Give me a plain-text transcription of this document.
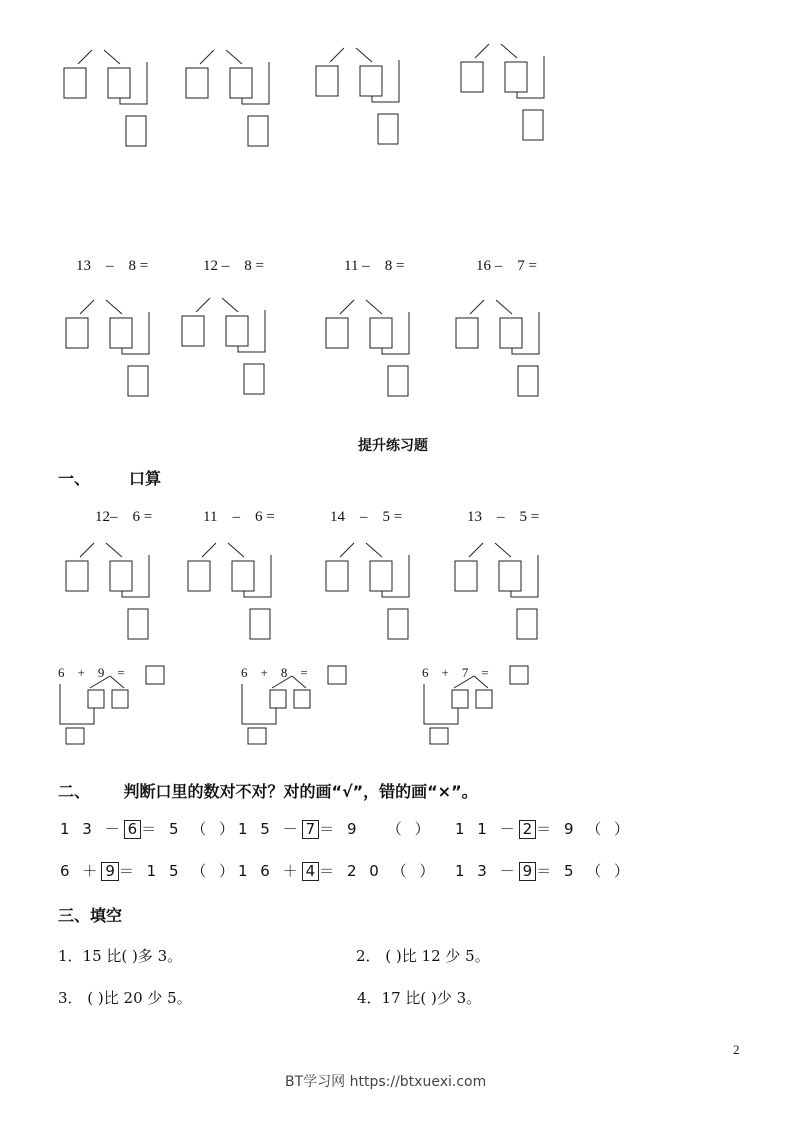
13 – 8 =	12 – 8 =	11 – 8 =	16 – 7 =
提升练习题
一、 口算
12– 6 =	11 – 6 =	14 – 5 =	13 – 5 =
6 + 9 =	6 + 8 =	6 + 7 =
二、 判断口里的数对不对？对的画“√”，错的画“×”。
1 3 － 6 ＝ 5 （ ） 1 5 － 7 ＝ 9 （ ） 1 1 － 2 ＝ 9 （ ）
6 ＋ 9 ＝ 1 5 （ ） 1 6 ＋ 4 ＝ 2 0 （ ） 1 3 － 9 ＝ 5 （ ）
三、填空
1．15 比( )多 3。	2． ( )比 12 少 5。
3． ( )比 20 少 5。	4．17 比( )少 3。
2
BT学习网 https://btxuexi.com
